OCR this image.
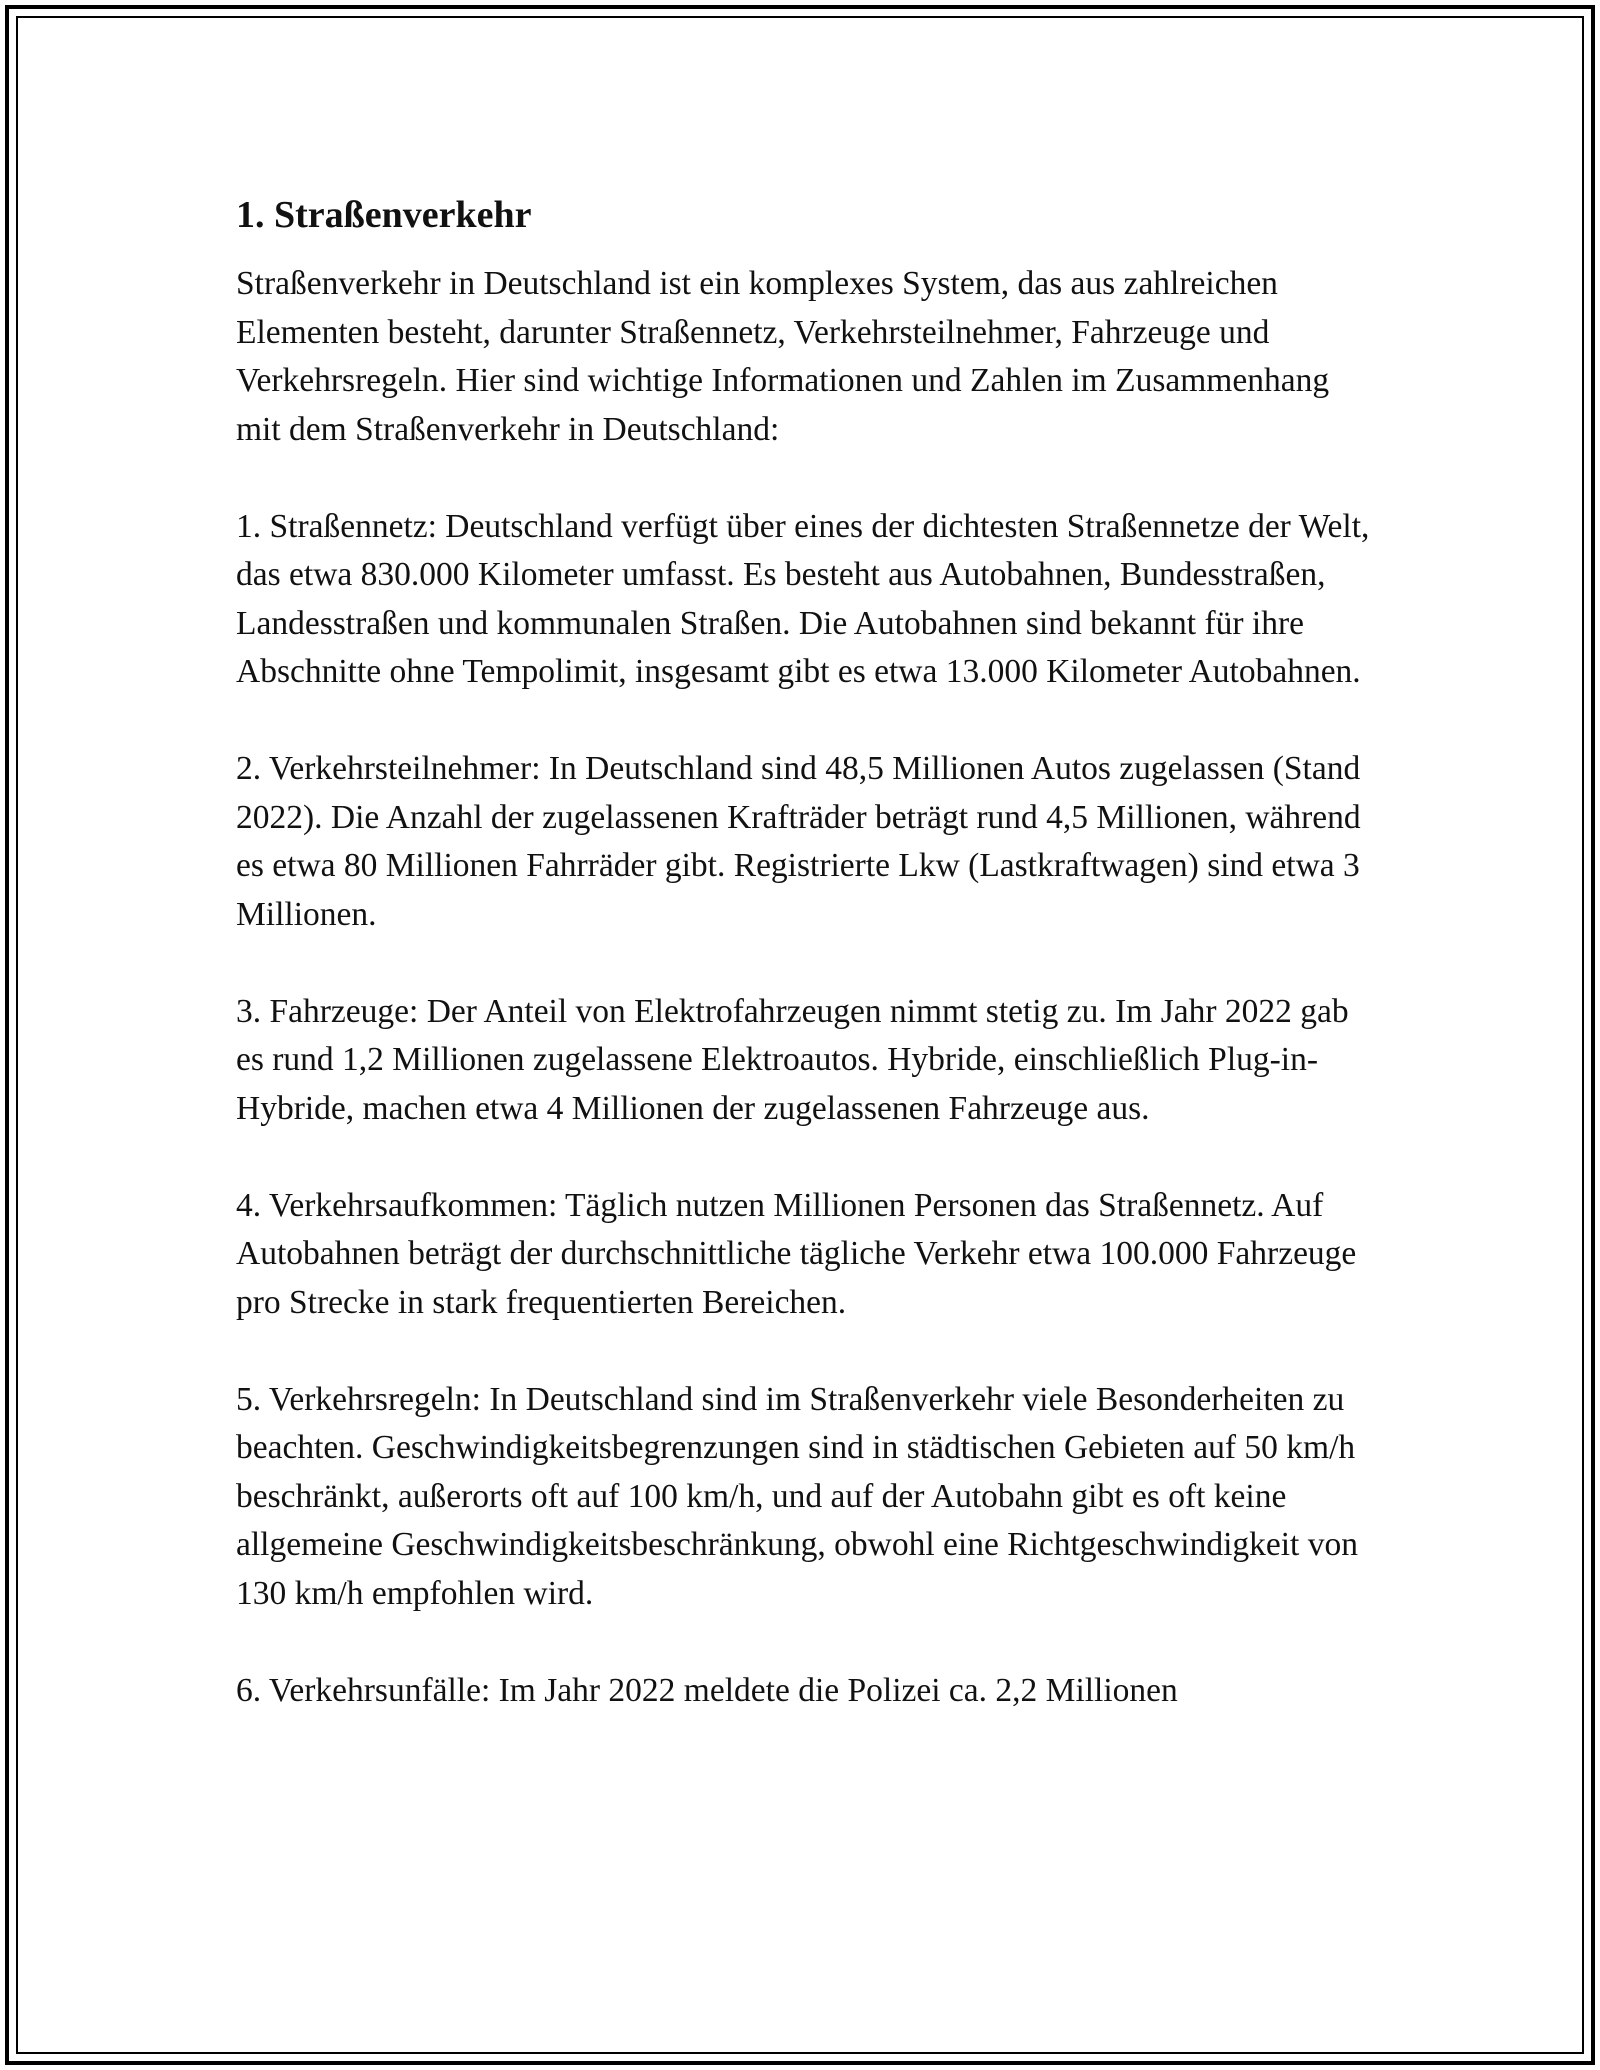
1. Straßenverkehr

Straßenverkehr in Deutschland ist ein komplexes System, das aus zahlreichen Elementen besteht, darunter Straßennetz, Verkehrsteilnehmer, Fahrzeuge und Verkehrsregeln. Hier sind wichtige Informationen und Zahlen im Zusammenhang mit dem Straßenverkehr in Deutschland:

1. Straßennetz: Deutschland verfügt über eines der dichtesten Straßennetze der Welt, das etwa 830.000 Kilometer umfasst. Es besteht aus Autobahnen, Bundesstraßen, Landesstraßen und kommunalen Straßen. Die Autobahnen sind bekannt für ihre Abschnitte ohne Tempolimit, insgesamt gibt es etwa 13.000 Kilometer Autobahnen.

2. Verkehrsteilnehmer: In Deutschland sind 48,5 Millionen Autos zugelassen (Stand 2022). Die Anzahl der zugelassenen Krafträder beträgt rund 4,5 Millionen, während es etwa 80 Millionen Fahrräder gibt. Registrierte Lkw (Lastkraftwagen) sind etwa 3 Millionen.

3. Fahrzeuge: Der Anteil von Elektrofahrzeugen nimmt stetig zu. Im Jahr 2022 gab es rund 1,2 Millionen zugelassene Elektroautos. Hybride, einschließlich Plug-in-Hybride, machen etwa 4 Millionen der zugelassenen Fahrzeuge aus.

4. Verkehrsaufkommen: Täglich nutzen Millionen Personen das Straßennetz. Auf Autobahnen beträgt der durchschnittliche tägliche Verkehr etwa 100.000 Fahrzeuge pro Strecke in stark frequentierten Bereichen.

5. Verkehrsregeln: In Deutschland sind im Straßenverkehr viele Besonderheiten zu beachten. Geschwindigkeitsbegrenzungen sind in städtischen Gebieten auf 50 km/h beschränkt, außerorts oft auf 100 km/h, und auf der Autobahn gibt es oft keine allgemeine Geschwindigkeitsbeschränkung, obwohl eine Richtgeschwindigkeit von 130 km/h empfohlen wird.

6. Verkehrsunfälle: Im Jahr 2022 meldete die Polizei ca. 2,2 Millionen
